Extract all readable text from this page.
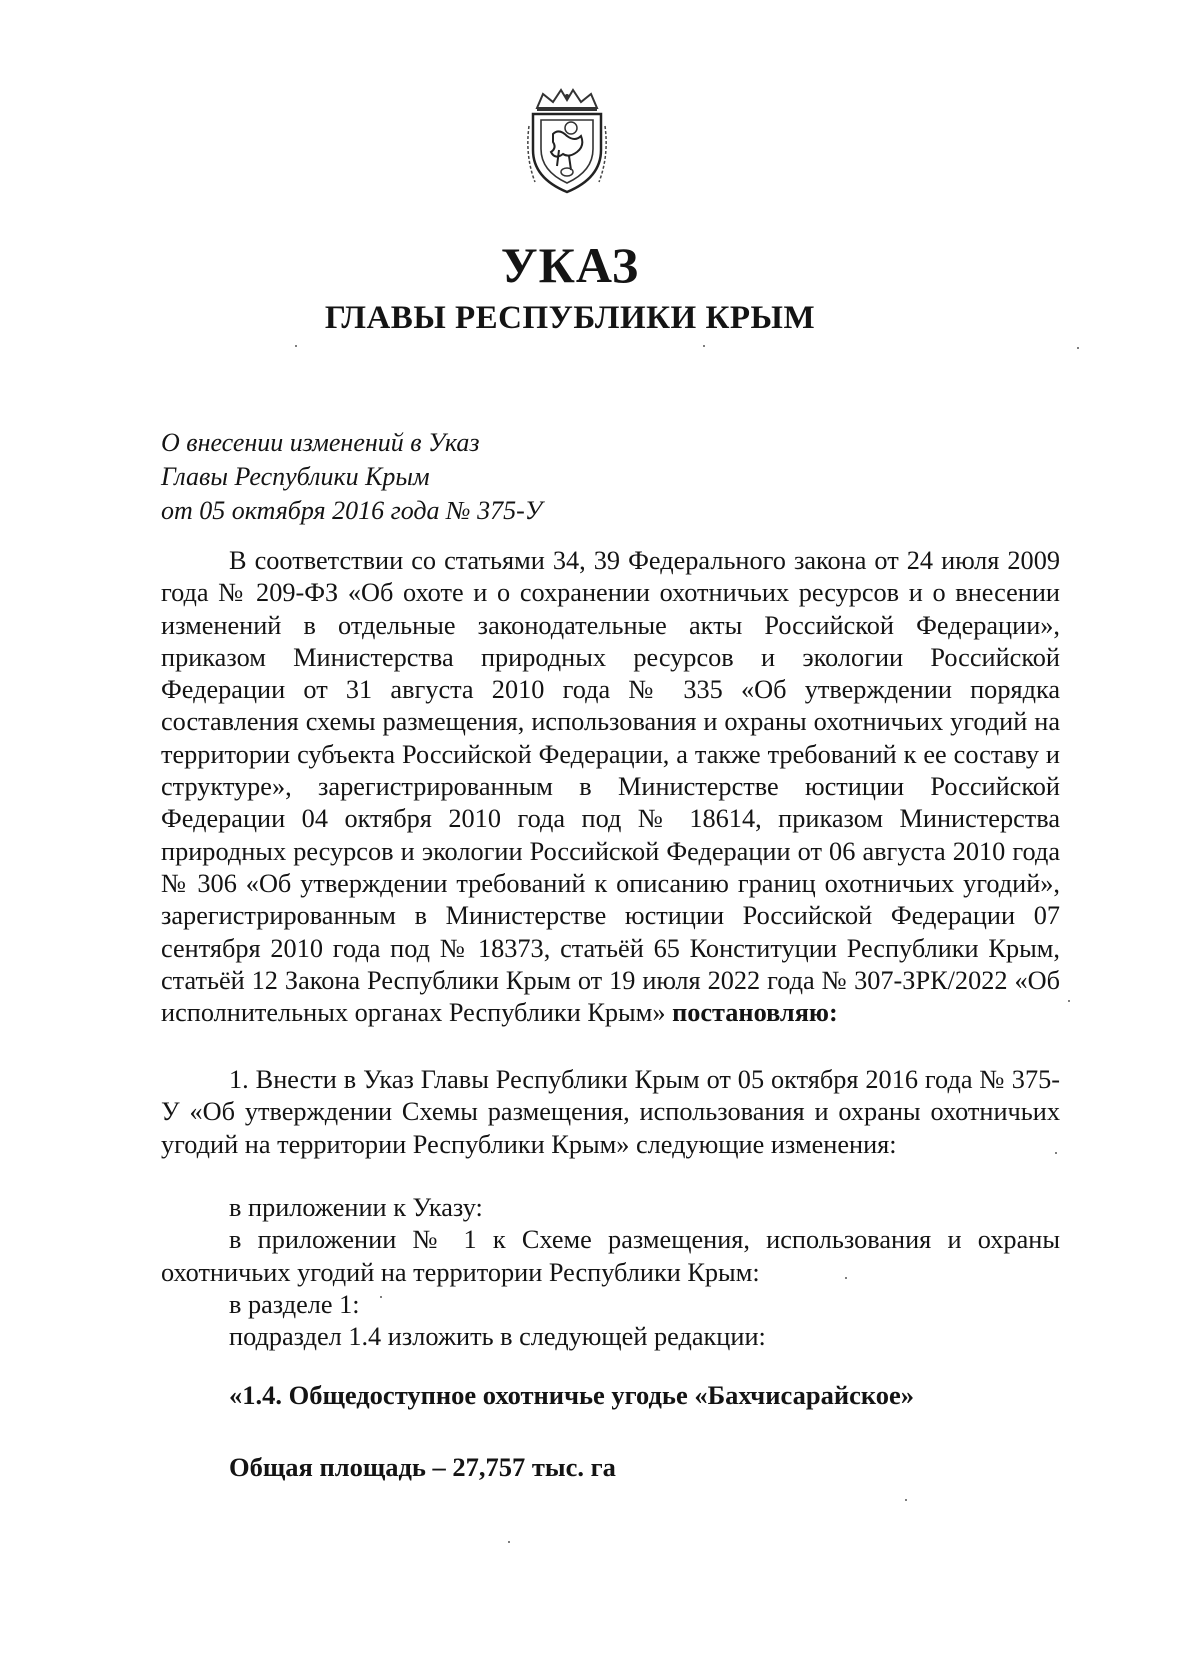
УКАЗ
ГЛАВЫ РЕСПУБЛИКИ КРЫМ
О внесении изменений в Указ
Главы Республики Крым
от 05 октября 2016 года № 375-У

В соответствии со статьями 34, 39 Федерального закона от 24 июля 2009 года № 209-ФЗ «Об охоте и о сохранении охотничьих ресурсов и о внесении изменений в отдельные законодательные акты Российской Федерации», приказом Министерства природных ресурсов и экологии Российской Федерации от 31 августа 2010 года № 335 «Об утверждении порядка составления схемы размещения, использования и охраны охотничьих угодий на территории субъекта Российской Федерации, а также требований к ее составу и структуре», зарегистрированным в Министерстве юстиции Российской Федерации 04 октября 2010 года под № 18614, приказом Министерства природных ресурсов и экологии Российской Федерации от 06 августа 2010 года № 306 «Об утверждении требований к описанию границ охотничьих угодий», зарегистрированным в Министерстве юстиции Российской Федерации 07 сентября 2010 года под № 18373, статьёй 65 Конституции Республики Крым, статьёй 12 Закона Республики Крым от 19 июля 2022 года № 307-ЗРК/2022 «Об исполнительных органах Республики Крым» постановляю:

1. Внести в Указ Главы Республики Крым от 05 октября 2016 года № 375-У «Об утверждении Схемы размещения, использования и охраны охотничьих угодий на территории Республики Крым» следующие изменения:

в приложении к Указу:
в приложении № 1 к Схеме размещения, использования и охраны охотничьих угодий на территории Республики Крым:
в разделе 1:
подраздел 1.4 изложить в следующей редакции:
«1.4. Общедоступное охотничье угодье «Бахчисарайское»
Общая площадь – 27,757 тыс. га
